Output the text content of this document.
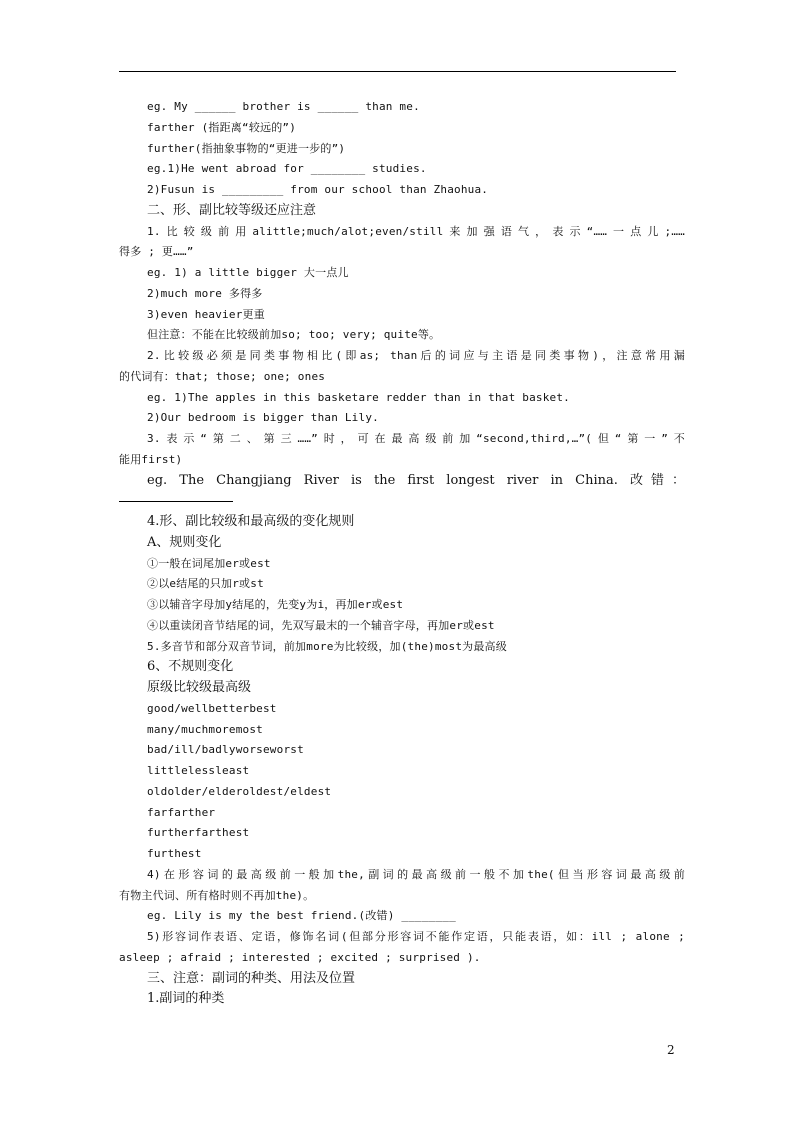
eg. My ______ brother is ______ than me.
farther (指距离“较远的”)
further(指抽象事物的“更进一步的”)
eg.1)He went abroad for ________ studies.
2)Fusun is _________ from our school than Zhaohua.
二、形、副比较等级还应注意
1.比较级前用alittle;much/alot;even/still来加强语气，表示“……一点儿;……
得多 ; 更……”
eg. 1) a little bigger 大一点儿
2)much more 多得多
3)even heavier更重
但注意：不能在比较级前加so; too; very; quite等。
2.比较级必须是同类事物相比(即as; than后的词应与主语是同类事物)，注意常用漏
的代词有：that; those; one; ones
eg. 1)The apples in this basketare redder than in that basket.
2)Our bedroom is bigger than Lily.
3.表示“第二、第三……”时，可在最高级前加“second,third,…”(但“第一”不
能用first)
eg. The Changjiang River is the first longest river in China. 改错：
4.形、副比较级和最高级的变化规则
A、规则变化
①一般在词尾加er或est
②以e结尾的只加r或st
③以辅音字母加y结尾的，先变y为i，再加er或est
④以重读闭音节结尾的词，先双写最末的一个辅音字母，再加er或est
5.多音节和部分双音节词，前加more为比较级，加(the)most为最高级
6、不规则变化
原级比较级最高级
good/wellbetterbest
many/muchmoremost
bad/ill/badlyworseworst
littlelessleast
oldolder/elderoldest/eldest
farfarther
furtherfarthest
furthest
4)在形容词的最高级前一般加the,副词的最高级前一般不加the(但当形容词最高级前
有物主代词、所有格时则不再加the)。
eg. Lily is my the best friend.(改错) ________
5)形容词作表语、定语，修饰名词(但部分形容词不能作定语，只能表语，如：ill ; alone ;
asleep ; afraid ; interested ; excited ; surprised ).
三、注意：副词的种类、用法及位置
1.副词的种类
2
